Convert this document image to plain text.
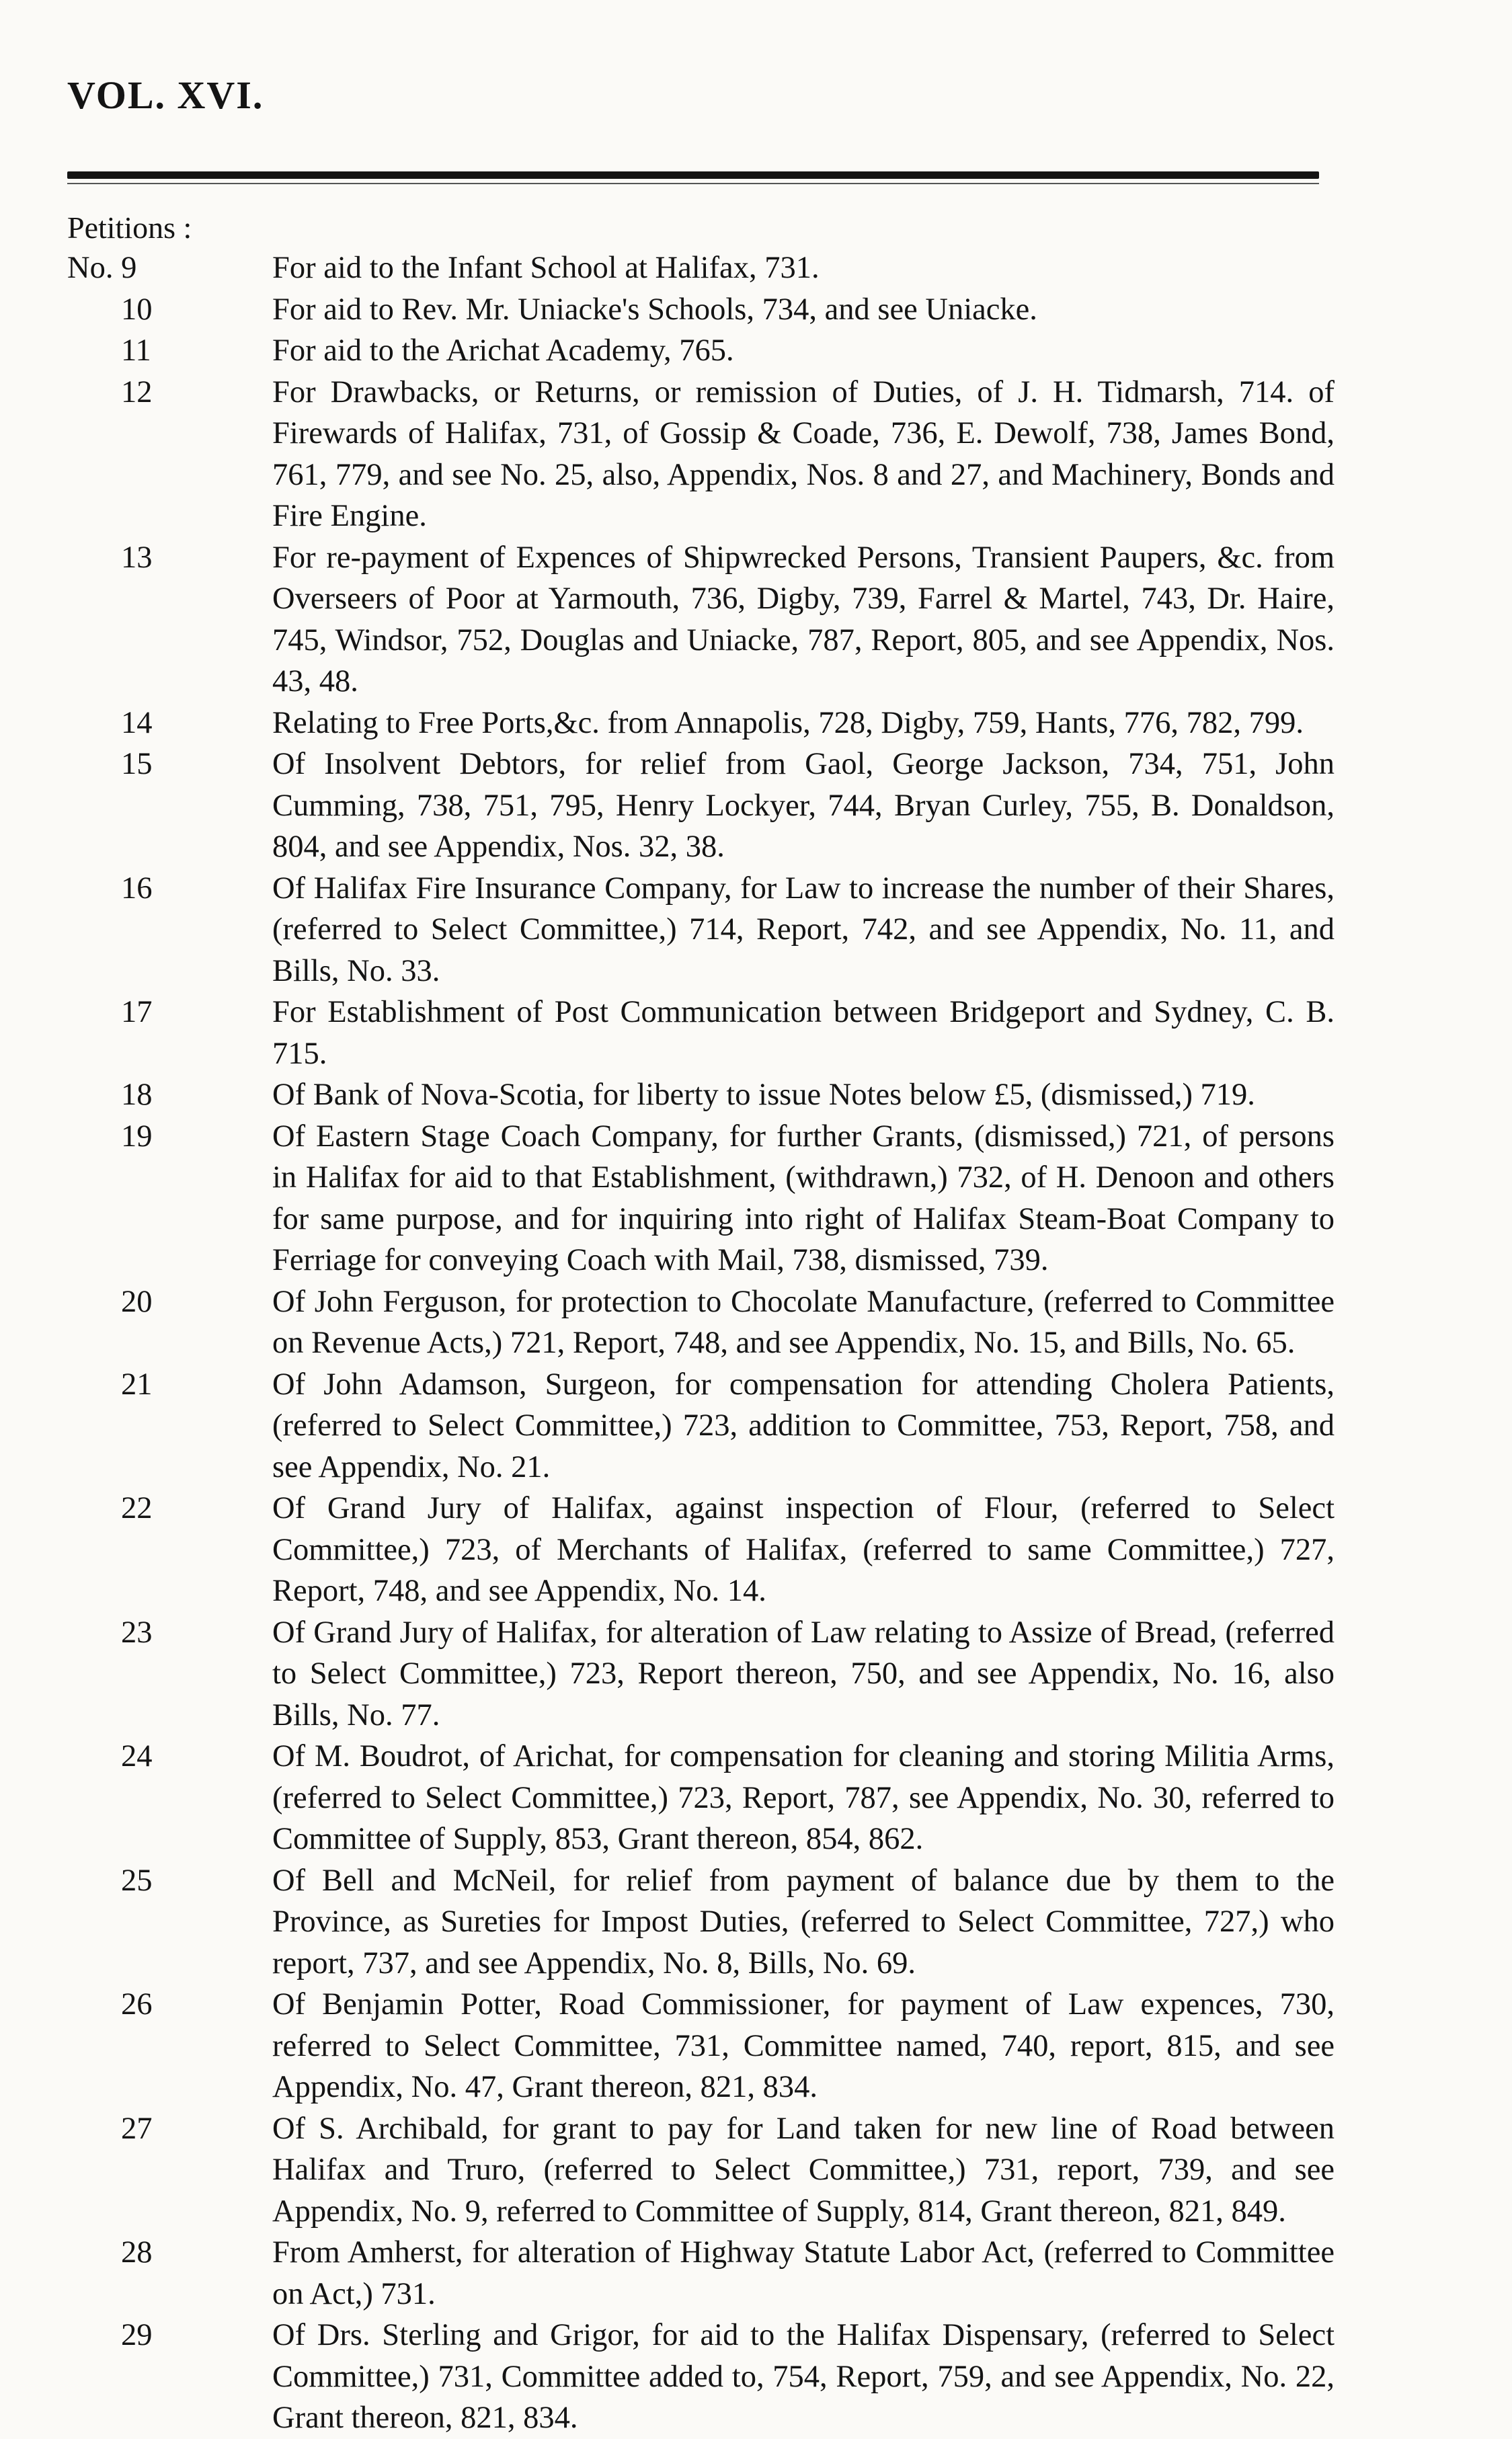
VOL. XVI.
Petitions :
No. 9	For aid to the Infant School at Halifax, 731.
10	For aid to Rev. Mr. Uniacke's Schools, 734, and see Uniacke.
11	For aid to the Arichat Academy, 765.
12	For Drawbacks, or Returns, or remission of Duties, of J. H. Tidmarsh, 714. of Firewards of Halifax, 731, of Gossip & Coade, 736, E. Dewolf, 738, James Bond, 761, 779, and see No. 25, also, Appendix, Nos. 8 and 27, and Machinery, Bonds and Fire Engine.
13	For re-payment of Expences of Shipwrecked Persons, Transient Paupers, &c. from Overseers of Poor at Yarmouth, 736, Digby, 739, Farrel & Martel, 743, Dr. Haire, 745, Windsor, 752, Douglas and Uniacke, 787, Report, 805, and see Appendix, Nos. 43, 48.
14	Relating to Free Ports,&c. from Annapolis, 728, Digby, 759, Hants, 776, 782, 799.
15	Of Insolvent Debtors, for relief from Gaol, George Jackson, 734, 751, John Cumming, 738, 751, 795, Henry Lockyer, 744, Bryan Curley, 755, B. Donaldson, 804, and see Appendix, Nos. 32, 38.
16	Of Halifax Fire Insurance Company, for Law to increase the number of their Shares, (referred to Select Committee,) 714, Report, 742, and see Appendix, No. 11, and Bills, No. 33.
17	For Establishment of Post Communication between Bridgeport and Sydney, C. B. 715.
18	Of Bank of Nova-Scotia, for liberty to issue Notes below £5, (dismissed,) 719.
19	Of Eastern Stage Coach Company, for further Grants, (dismissed,) 721, of persons in Halifax for aid to that Establishment, (withdrawn,) 732, of H. Denoon and others for same purpose, and for inquiring into right of Halifax Steam-Boat Company to Ferriage for conveying Coach with Mail, 738, dismissed, 739.
20	Of John Ferguson, for protection to Chocolate Manufacture, (referred to Committee on Revenue Acts,) 721, Report, 748, and see Appendix, No. 15, and Bills, No. 65.
21	Of John Adamson, Surgeon, for compensation for attending Cholera Patients, (referred to Select Committee,) 723, addition to Committee, 753, Report, 758, and see Appendix, No. 21.
22	Of Grand Jury of Halifax, against inspection of Flour, (referred to Select Committee,) 723, of Merchants of Halifax, (referred to same Committee,) 727, Report, 748, and see Appendix, No. 14.
23	Of Grand Jury of Halifax, for alteration of Law relating to Assize of Bread, (referred to Select Committee,) 723, Report thereon, 750, and see Appendix, No. 16, also Bills, No. 77.
24	Of M. Boudrot, of Arichat, for compensation for cleaning and storing Militia Arms, (referred to Select Committee,) 723, Report, 787, see Appendix, No. 30, referred to Committee of Supply, 853, Grant thereon, 854, 862.
25	Of Bell and McNeil, for relief from payment of balance due by them to the Province, as Sureties for Impost Duties, (referred to Select Committee, 727,) who report, 737, and see Appendix, No. 8, Bills, No. 69.
26	Of Benjamin Potter, Road Commissioner, for payment of Law expences, 730, referred to Select Committee, 731, Committee named, 740, report, 815, and see Appendix, No. 47, Grant thereon, 821, 834.
27	Of S. Archibald, for grant to pay for Land taken for new line of Road between Halifax and Truro, (referred to Select Committee,) 731, report, 739, and see Appendix, No. 9, referred to Committee of Supply, 814, Grant thereon, 821, 849.
28	From Amherst, for alteration of Highway Statute Labor Act, (referred to Committee on Act,) 731.
29	Of Drs. Sterling and Grigor, for aid to the Halifax Dispensary, (referred to Select Committee,) 731, Committee added to, 754, Report, 759, and see Appendix, No. 22, Grant thereon, 821, 834.
